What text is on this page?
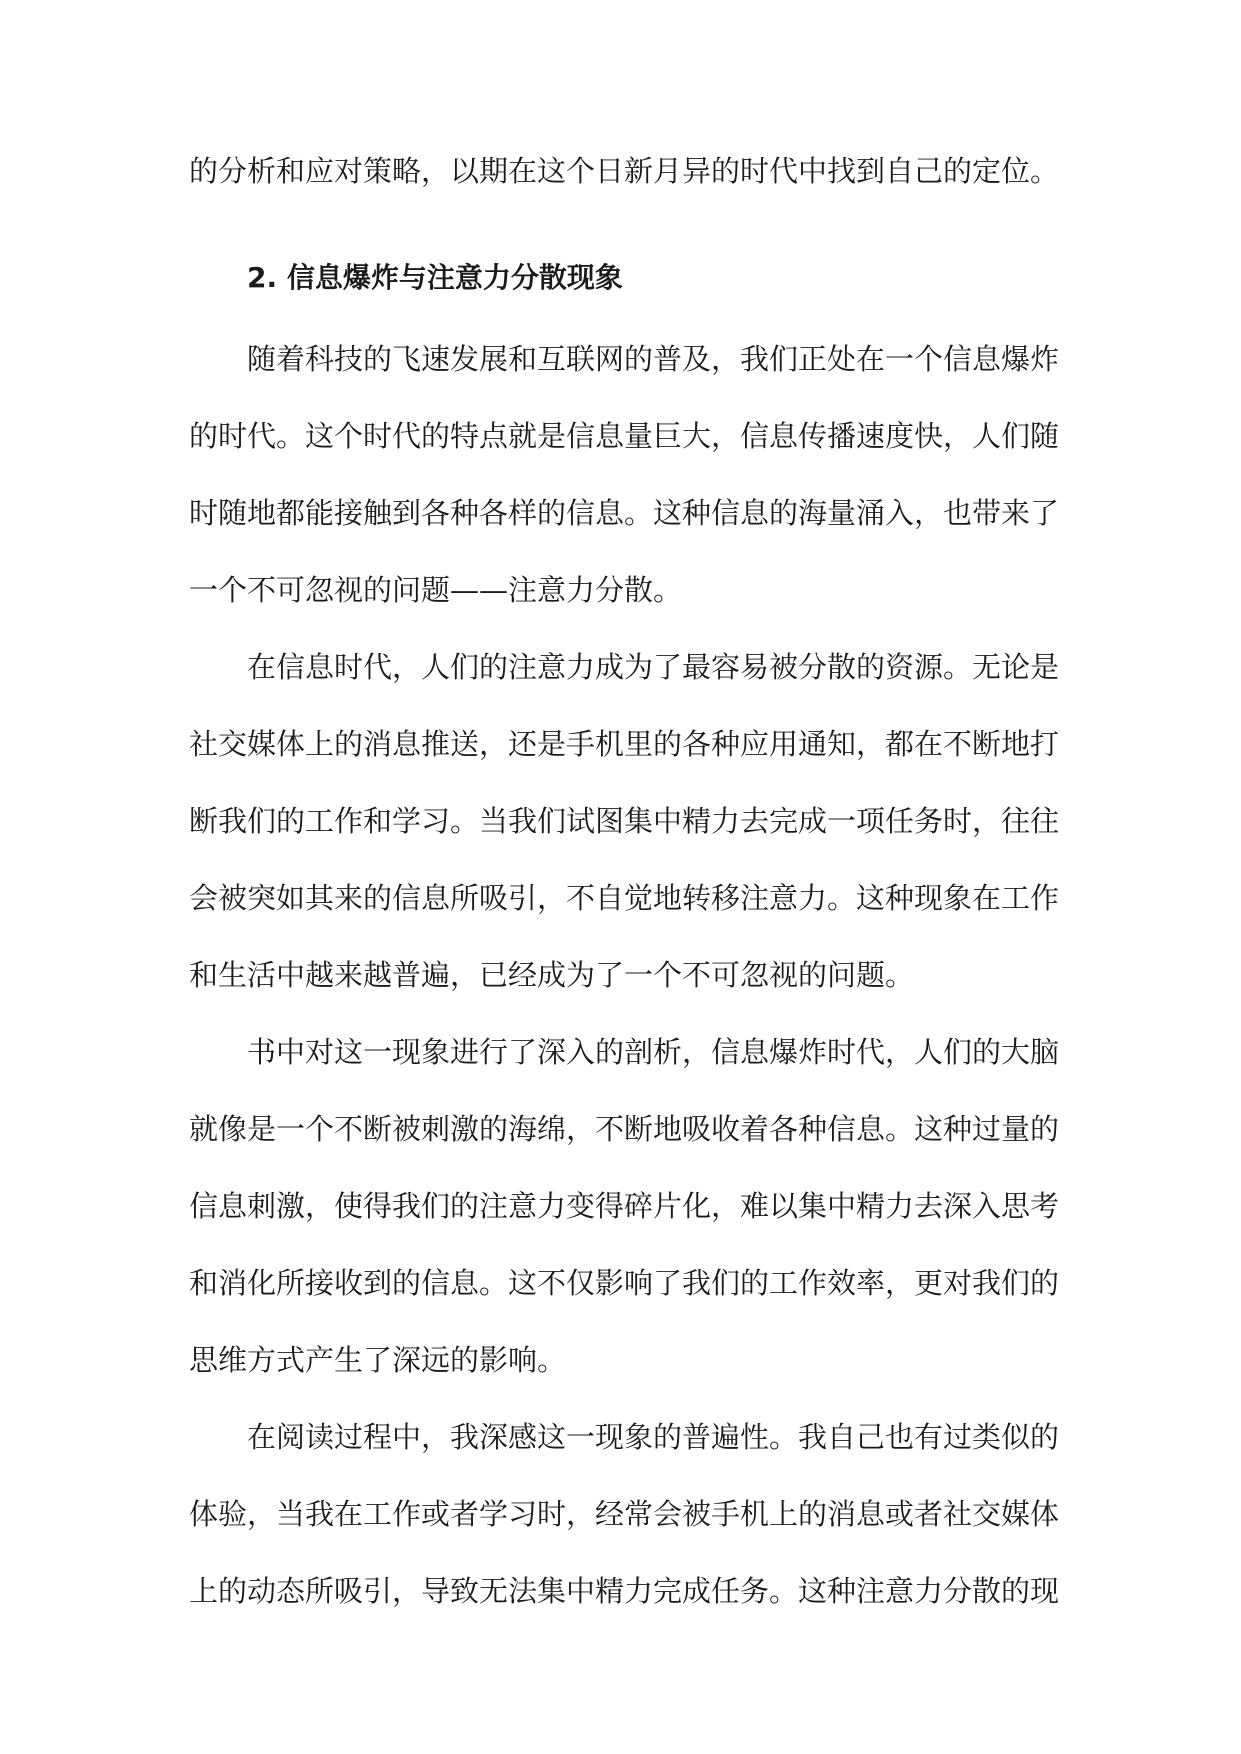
的分析和应对策略，以期在这个日新月异的时代中找到自己的定位。
2. 信息爆炸与注意力分散现象
随着科技的飞速发展和互联网的普及，我们正处在一个信息爆炸
的时代。这个时代的特点就是信息量巨大，信息传播速度快，人们随
时随地都能接触到各种各样的信息。这种信息的海量涌入，也带来了
一个不可忽视的问题——注意力分散。
在信息时代，人们的注意力成为了最容易被分散的资源。无论是
社交媒体上的消息推送，还是手机里的各种应用通知，都在不断地打
断我们的工作和学习。当我们试图集中精力去完成一项任务时，往往
会被突如其来的信息所吸引，不自觉地转移注意力。这种现象在工作
和生活中越来越普遍，已经成为了一个不可忽视的问题。
书中对这一现象进行了深入的剖析，信息爆炸时代，人们的大脑
就像是一个不断被刺激的海绵，不断地吸收着各种信息。这种过量的
信息刺激，使得我们的注意力变得碎片化，难以集中精力去深入思考
和消化所接收到的信息。这不仅影响了我们的工作效率，更对我们的
思维方式产生了深远的影响。
在阅读过程中，我深感这一现象的普遍性。我自己也有过类似的
体验，当我在工作或者学习时，经常会被手机上的消息或者社交媒体
上的动态所吸引，导致无法集中精力完成任务。这种注意力分散的现
